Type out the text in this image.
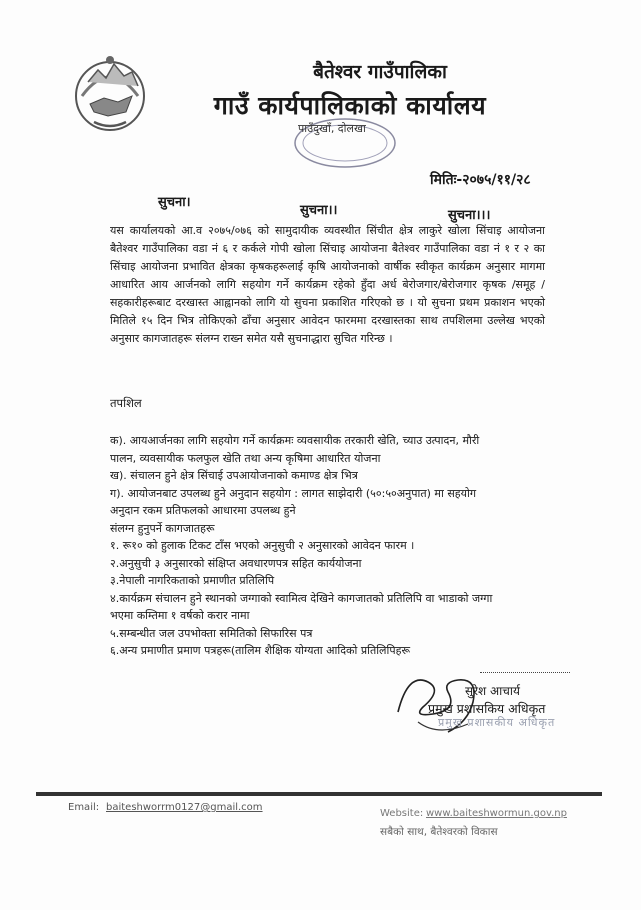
बैतेश्वर गाउँपालिका
गाउँ कार्यपालिकाको कार्यालय
पाउँदुखाँ, दोलखा
मितिः-२०७५/११/२८
सुचना।
सुचना।।	सुचना।।।
यस कार्यालयको आ.व २०७५/०७६ को सामुदायीक व्यवस्थीत सिंचीत क्षेत्र लाकुरे खोला सिंचाइ आयोजना बैतेश्वर गाउँपालिका वडा नं ६ र कर्कले गोपी खोला सिंचाइ आयोजना बैतेश्वर गाउँपालिका वडा नं १ र २ का सिंचाइ आयोजना प्रभावित क्षेत्रका कृषकहरूलाई कृषि आयोजनाको वार्षीक स्वीकृत कार्यक्रम अनुसार मागमा आधारित आय आर्जनको लागि सहयोग गर्ने कार्यक्रम रहेको हुँदा अर्ध बेरोजगार/बेरोजगार कृषक /समूह /सहकारीहरूबाट दरखास्त आह्वानको लागि यो सुचना प्रकाशित गरिएको छ । यो सुचना प्रथम प्रकाशन भएको मितिले १५ दिन भित्र तोकिएको ढाँचा अनुसार आवेदन फारममा दरखास्तका साथ तपशिलमा उल्लेख भएको अनुसार कागजातहरू संलग्न राख्न समेत यसै सुचनाद्धारा सुचित गरिन्छ ।
तपशिल
क). आयआर्जनका लागि सहयोग गर्ने कार्यक्रमः व्यवसायीक तरकारी खेति, च्याउ उत्पादन, मौरी
पालन, व्यवसायीक फलफुल खेति तथा अन्य कृषिमा आधारित योजना
ख). संचालन हुने क्षेत्र सिंचाई उपआयोजनाको कमाण्ड क्षेत्र भित्र
ग). आयोजनबाट उपलब्ध हुने अनुदान सहयोग : लागत साझेदारी (५०:५०अनुपात) मा सहयोग
अनुदान रकम प्रतिफलको आधारमा उपलब्ध हुने
संलग्न हुनुपर्ने कागजातहरू
१. रू१० को हुलाक टिकट टाँस भएको अनुसुची २ अनुसारको आवेदन फारम ।
२.अनुसुची ३ अनुसारको संक्षिप्त अवधारणपत्र सहित कार्ययोजना
३.नेपाली नागरिकताको प्रमाणीत प्रतिलिपि
४.कार्यक्रम संचालन हुने स्थानको जग्गाको स्वामित्व देखिने कागजातको प्रतिलिपि वा भाडाको जग्गा
भएमा कम्तिमा १ वर्षको करार नामा
५.सम्बन्धीत जल उपभोक्ता समितिको सिफारिस पत्र
६.अन्य प्रमाणीत प्रमाण पत्रहरू(तालिम शैक्षिक योग्यता आदिको प्रतिलिपिहरू
सुरेश आचार्य
प्रमुख प्रशासकिय अधिकृत
प्रमुख प्रशासकीय अधिकृत
Email: baiteshworrm0127@gmail.com
Website: www.baiteshwormun.gov.np
सबैको साथ, बैतेश्वरको विकास
